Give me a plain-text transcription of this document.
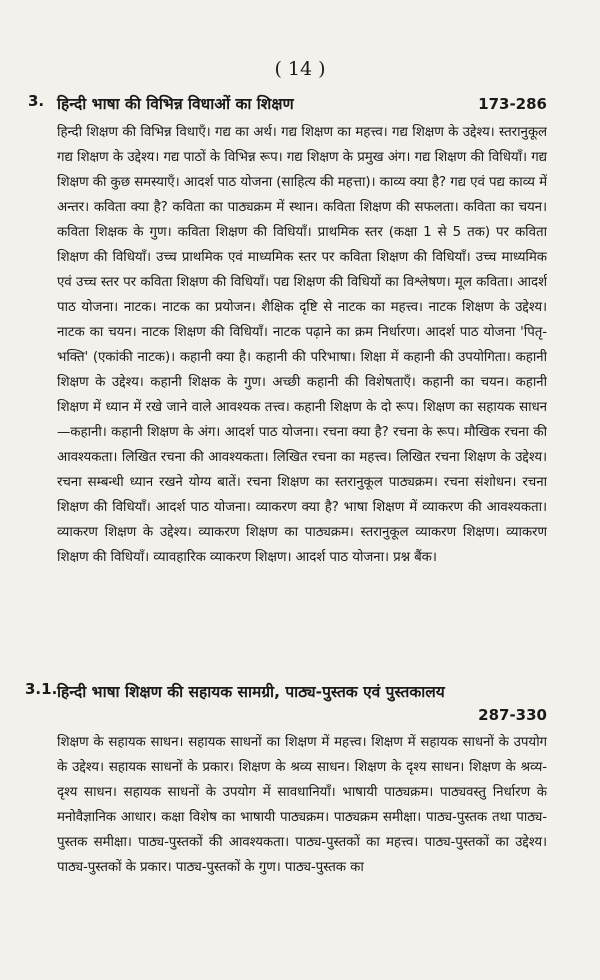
( 14 )
3. हिन्दी भाषा की विभिन्न विधाओं का शिक्षण	173-286

हिन्दी शिक्षण की विभिन्न विधाएँ। गद्य का अर्थ। गद्य शिक्षण का महत्त्व। गद्य शिक्षण के उद्देश्य। स्तरानुकूल गद्य शिक्षण के उद्देश्य। गद्य पाठों के विभिन्न रूप। गद्य शिक्षण के प्रमुख अंग। गद्य शिक्षण की विधियाँ। गद्य शिक्षण की कुछ समस्याएँ। आदर्श पाठ योजना (साहित्य की महत्ता)। काव्य क्या है? गद्य एवं पद्य काव्य में अन्तर। कविता क्या है? कविता का पाठ्यक्रम में स्थान। कविता शिक्षण की सफलता। कविता का चयन। कविता शिक्षक के गुण। कविता शिक्षण की विधियाँ। प्राथमिक स्तर (कक्षा 1 से 5 तक) पर कविता शिक्षण की विधियाँ। उच्च प्राथमिक एवं माध्यमिक स्तर पर कविता शिक्षण की विधियाँ। उच्च माध्यमिक एवं उच्च स्तर पर कविता शिक्षण की विधियाँ। पद्य शिक्षण की विधियों का विश्लेषण। मूल कविता। आदर्श पाठ योजना। नाटक। नाटक का प्रयोजन। शैक्षिक दृष्टि से नाटक का महत्त्व। नाटक शिक्षण के उद्देश्य। नाटक का चयन। नाटक शिक्षण की विधियाँ। नाटक पढ़ाने का क्रम निर्धारण। आदर्श पाठ योजना 'पितृ-भक्ति' (एकांकी नाटक)। कहानी क्या है। कहानी की परिभाषा। शिक्षा में कहानी की उपयोगिता। कहानी शिक्षण के उद्देश्य। कहानी शिक्षक के गुण। अच्छी कहानी की विशेषताएँ। कहानी का चयन। कहानी शिक्षण में ध्यान में रखे जाने वाले आवश्यक तत्त्व। कहानी शिक्षण के दो रूप। शिक्षण का सहायक साधन—कहानी। कहानी शिक्षण के अंग। आदर्श पाठ योजना। रचना क्या है? रचना के रूप। मौखिक रचना की आवश्यकता। लिखित रचना की आवश्यकता। लिखित रचना का महत्त्व। लिखित रचना शिक्षण के उद्देश्य। रचना सम्बन्धी ध्यान रखने योग्य बातें। रचना शिक्षण का स्तरानुकूल पाठ्यक्रम। रचना संशोधन। रचना शिक्षण की विधियाँ। आदर्श पाठ योजना। व्याकरण क्या है? भाषा शिक्षण में व्याकरण की आवश्यकता। व्याकरण शिक्षण के उद्देश्य। व्याकरण शिक्षण का पाठ्यक्रम। स्तरानुकूल व्याकरण शिक्षण। व्याकरण शिक्षण की विधियाँ। व्यावहारिक व्याकरण शिक्षण। आदर्श पाठ योजना। प्रश्न बैंक।

3.1. हिन्दी भाषा शिक्षण की सहायक सामग्री, पाठ्य-पुस्तक एवं पुस्तकालय
287-330

शिक्षण के सहायक साधन। सहायक साधनों का शिक्षण में महत्त्व। शिक्षण में सहायक साधनों के उपयोग के उद्देश्य। सहायक साधनों के प्रकार। शिक्षण के श्रव्य साधन। शिक्षण के दृश्य साधन। शिक्षण के श्रव्य-दृश्य साधन। सहायक साधनों के उपयोग में सावधानियाँ। भाषायी पाठ्यक्रम। पाठ्यवस्तु निर्धारण के मनोवैज्ञानिक आधार। कक्षा विशेष का भाषायी पाठ्यक्रम। पाठ्यक्रम समीक्षा। पाठ्य-पुस्तक तथा पाठ्य-पुस्तक समीक्षा। पाठ्य-पुस्तकों की आवश्यकता। पाठ्य-पुस्तकों का महत्त्व। पाठ्य-पुस्तकों का उद्देश्य। पाठ्य-पुस्तकों के प्रकार। पाठ्य-पुस्तकों के गुण। पाठ्य-पुस्तक का
